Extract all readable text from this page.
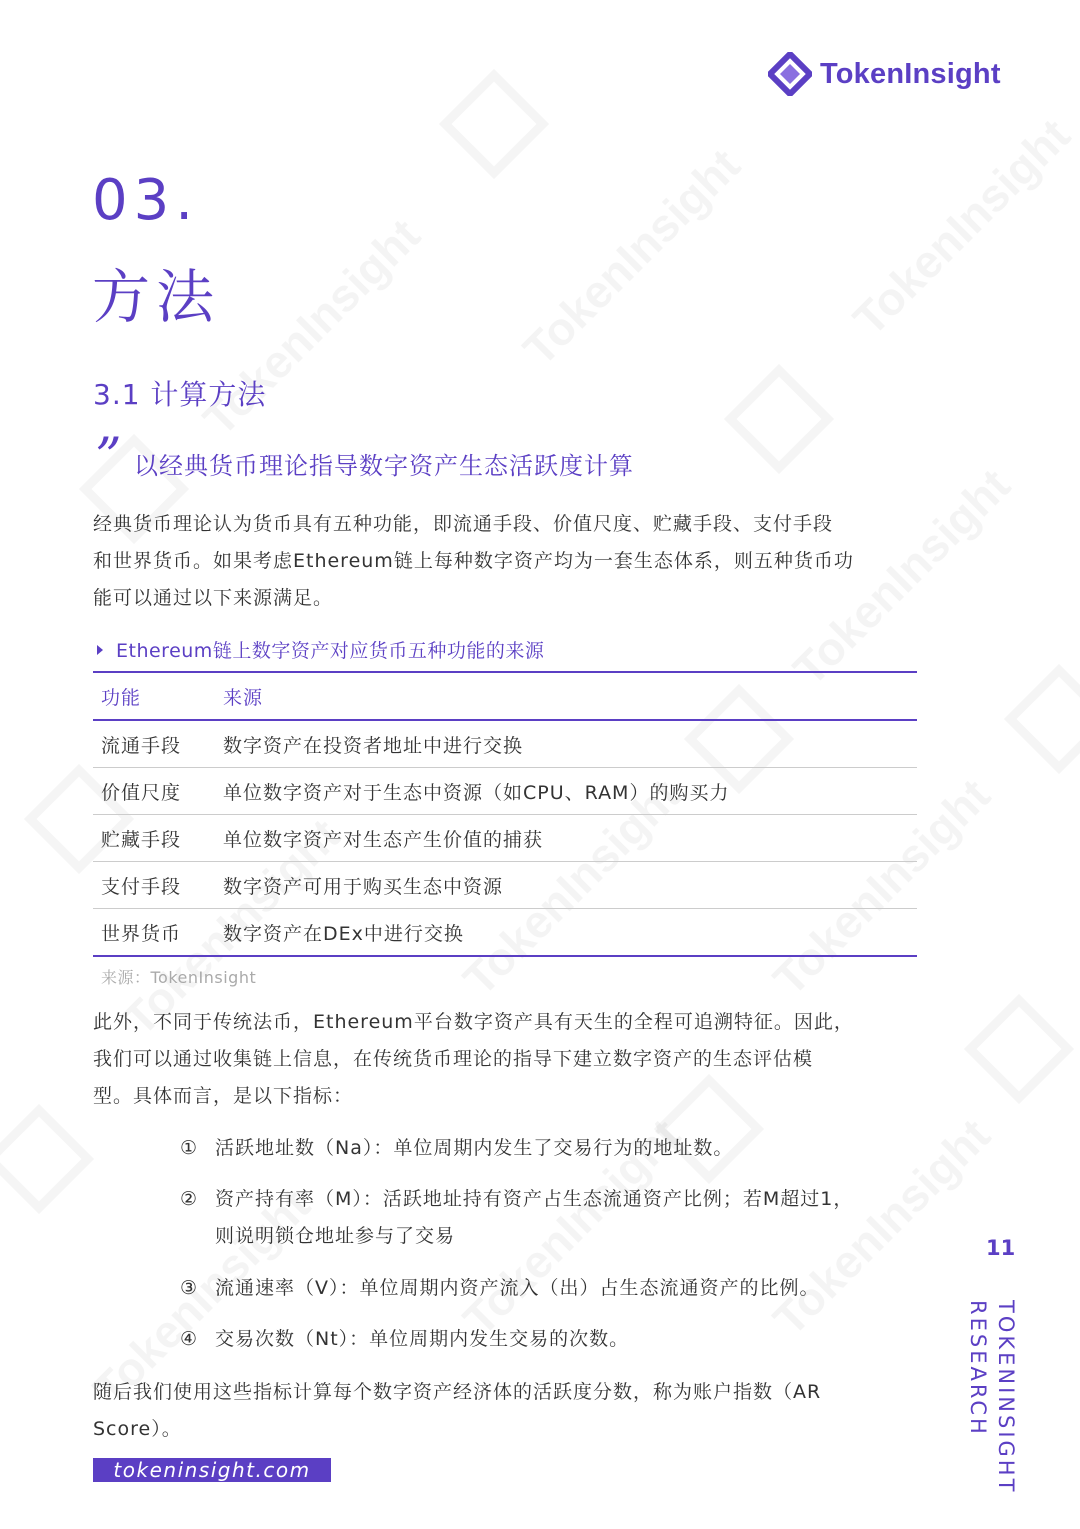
TokenInsight
03.
方法
3.1 计算方法
” 以经典货币理论指导数字资产生态活跃度计算
经典货币理论认为货币具有五种功能，即流通手段、价值尺度、贮藏手段、支付手段
和世界货币。如果考虑Ethereum链上每种数字资产均为一套生态体系，则五种货币功
能可以通过以下来源满足。
Ethereum链上数字资产对应货币五种功能的来源
功能	来源
流通手段	数字资产在投资者地址中进行交换
价值尺度	单位数字资产对于生态中资源（如CPU、RAM）的购买力
贮藏手段	单位数字资产对生态产生价值的捕获
支付手段	数字资产可用于购买生态中资源
世界货币	数字资产在DEx中进行交换
来源：TokenInsight
此外，不同于传统法币，Ethereum平台数字资产具有天生的全程可追溯特征。因此，
我们可以通过收集链上信息，在传统货币理论的指导下建立数字资产的生态评估模
型。具体而言，是以下指标：
① 活跃地址数（Na）：单位周期内发生了交易行为的地址数。
② 资产持有率（M）：活跃地址持有资产占生态流通资产比例；若M超过1，
则说明锁仓地址参与了交易
③ 流通速率（V）：单位周期内资产流入（出）占生态流通资产的比例。
④ 交易次数（Nt）：单位周期内发生交易的次数。
随后我们使用这些指标计算每个数字资产经济体的活跃度分数，称为账户指数（AR
Score）。
tokeninsight.com
11
TOKENINSIGHT
RESEARCH
